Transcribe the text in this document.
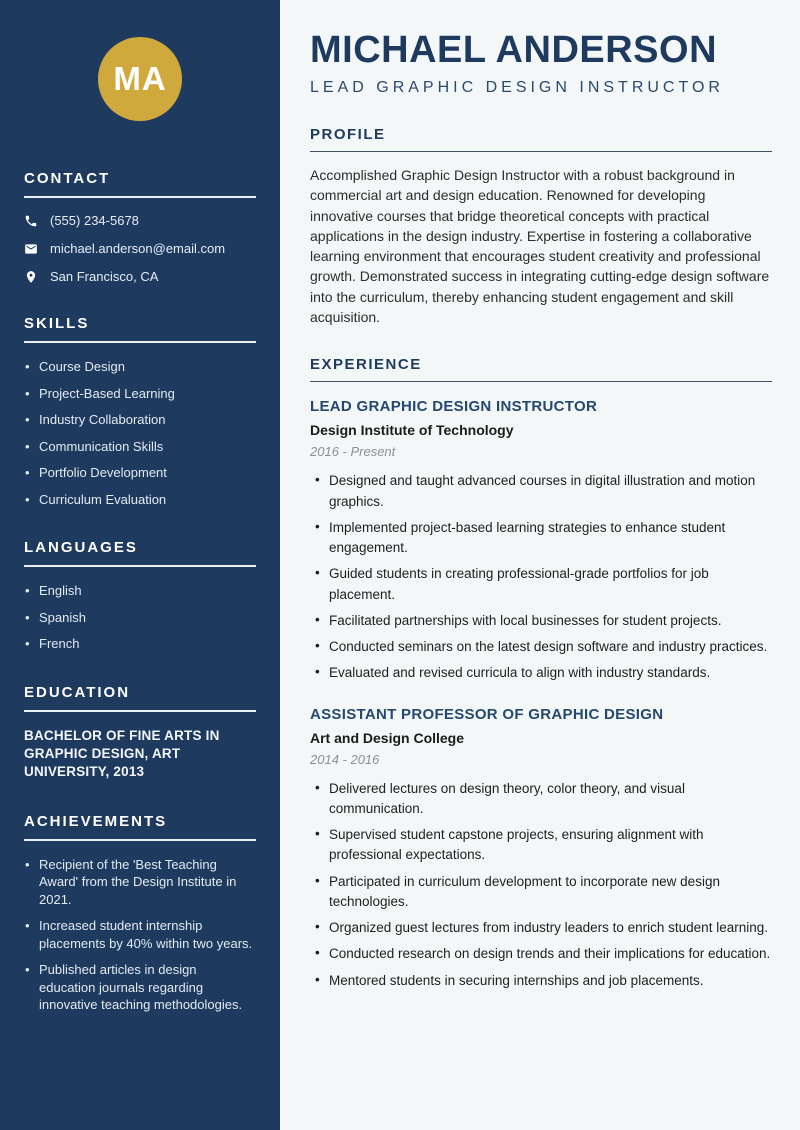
MA
CONTACT
(555) 234-5678
michael.anderson@email.com
San Francisco, CA
SKILLS
• Course Design
• Project-Based Learning
• Industry Collaboration
• Communication Skills
• Portfolio Development
• Curriculum Evaluation
LANGUAGES
• English
• Spanish
• French
EDUCATION
BACHELOR OF FINE ARTS IN GRAPHIC DESIGN, ART UNIVERSITY, 2013
ACHIEVEMENTS
• Recipient of the 'Best Teaching Award' from the Design Institute in 2021.
• Increased student internship placements by 40% within two years.
• Published articles in design education journals regarding innovative teaching methodologies.
MICHAEL ANDERSON
LEAD GRAPHIC DESIGN INSTRUCTOR
PROFILE

Accomplished Graphic Design Instructor with a robust background in commercial art and design education. Renowned for developing innovative courses that bridge theoretical concepts with practical applications in the design industry. Expertise in fostering a collaborative learning environment that encourages student creativity and professional growth. Demonstrated success in integrating cutting-edge design software into the curriculum, thereby enhancing student engagement and skill acquisition.

EXPERIENCE
LEAD GRAPHIC DESIGN INSTRUCTOR
Design Institute of Technology
2016 - Present
• Designed and taught advanced courses in digital illustration and motion graphics.
• Implemented project-based learning strategies to enhance student engagement.
• Guided students in creating professional-grade portfolios for job placement.
• Facilitated partnerships with local businesses for student projects.
• Conducted seminars on the latest design software and industry practices.
• Evaluated and revised curricula to align with industry standards.
ASSISTANT PROFESSOR OF GRAPHIC DESIGN
Art and Design College
2014 - 2016
• Delivered lectures on design theory, color theory, and visual communication.
• Supervised student capstone projects, ensuring alignment with professional expectations.
• Participated in curriculum development to incorporate new design technologies.
• Organized guest lectures from industry leaders to enrich student learning.
• Conducted research on design trends and their implications for education.
• Mentored students in securing internships and job placements.
